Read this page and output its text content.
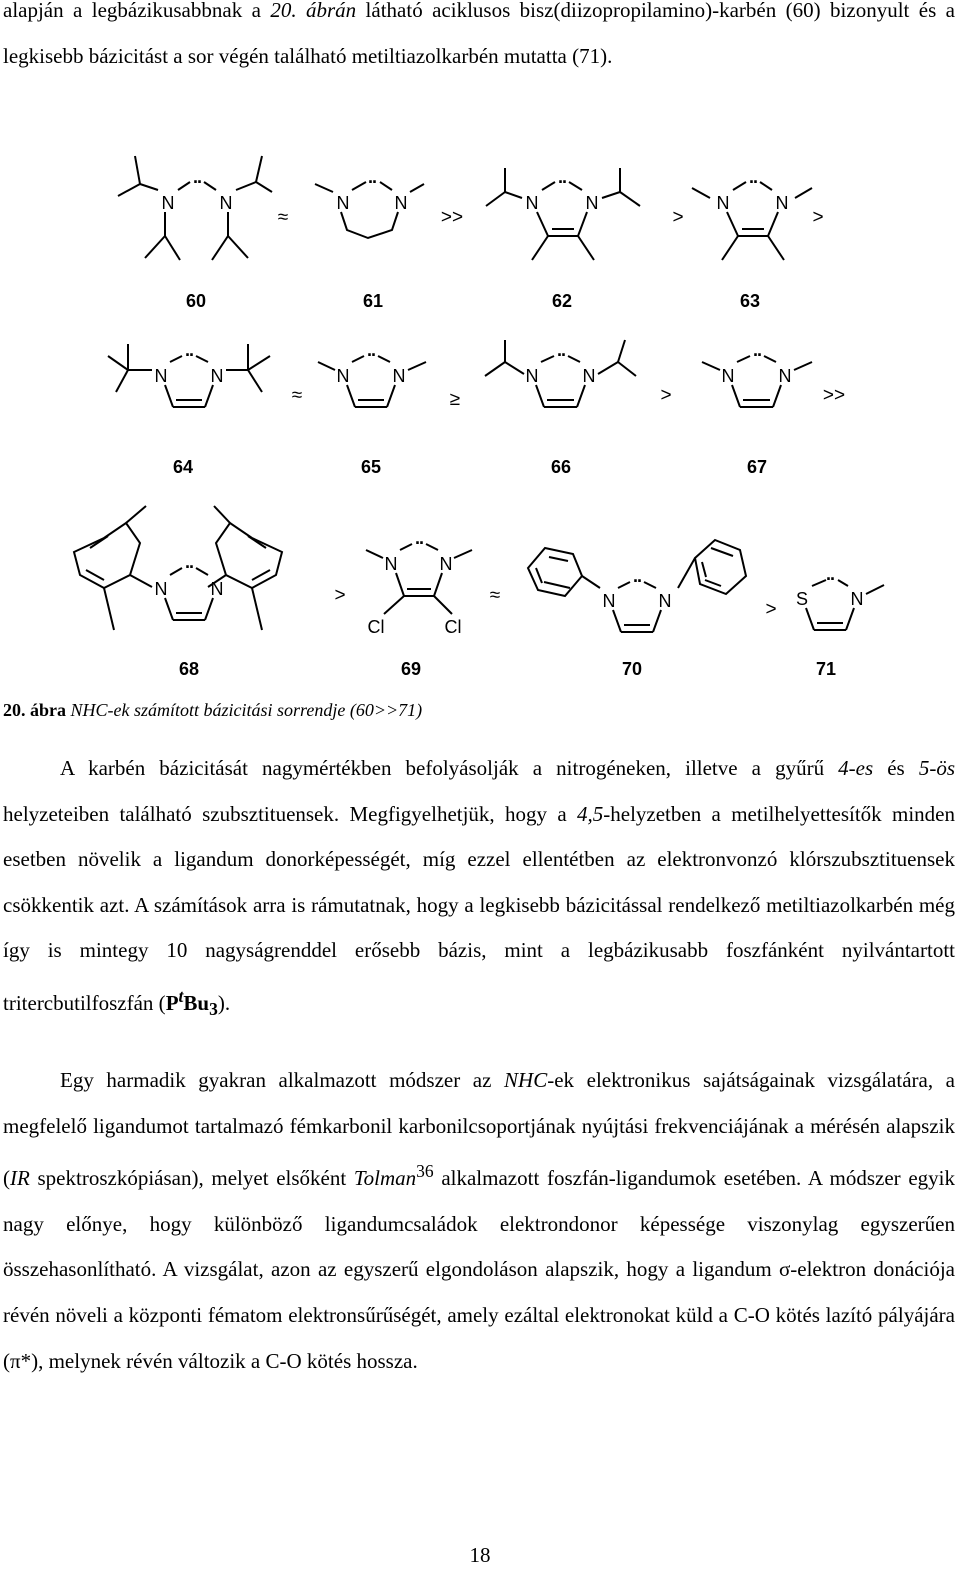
alapján a legbázikusabbnak a 20. ábrán látható aciklusos bisz(diizopropilamino)-karbén (60) bizonyult és a legkisebb bázicitást a sor végén található metiltiazolkarbén mutatta (71).
N	N
..
≈
N	N
..
>>
N	N
..
>
N	N
..
>
60	61	62	63
N N
..
≈
N N
..
≥
N N
..
>
N N
..
>>
64	65	66	67
N N
..
>
N N
..
Cl	Cl
≈	N N
..
> S N
..
68	69	70	71
20. ábra NHC-ek számított bázicitási sorrendje (60>>71)
A karbén bázicitását nagymértékben befolyásolják a nitrogéneken, illetve a gyűrű 4-es és 5-ös helyzeteiben található szubsztituensek. Megfigyelhetjük, hogy a 4,5-helyzetben a metilhelyettesítők minden esetben növelik a ligandum donorképességét, míg ezzel ellentétben az elektronvonzó klórszubsztituensek csökkentik azt. A számítások arra is rámutatnak, hogy a legkisebb bázicitással rendelkező metiltiazolkarbén még így is mintegy 10 nagyságrenddel erősebb bázis, mint a legbázikusabb foszfánként nyilvántartott tritercbutilfoszfán $(P^tBu_3)$.
Egy harmadik gyakran alkalmazott módszer az NHC-ek elektronikus sajátságainak vizsgálatára, a megfelelő ligandumot tartalmazó fémkarbonil karbonilcsoportjának nyújtási frekvenciájának a mérésén alapszik (IR spektroszkópiásan), melyet elsőként Tolman$^{36}$ alkalmazott foszfán-ligandumok esetében. A módszer egyik nagy előnye, hogy különböző ligandumcsaládok elektrondonor képessége viszonylag egyszerűen összehasonlítható. A vizsgálat, azon az egyszerű elgondoláson alapszik, hogy a ligandum σ-elektron donációja révén növeli a központi fématom elektronsűrűségét, amely ezáltal elektronokat küld a C-O kötés lazító pályájára (π*), melynek révén változik a C-O kötés hossza.
18
